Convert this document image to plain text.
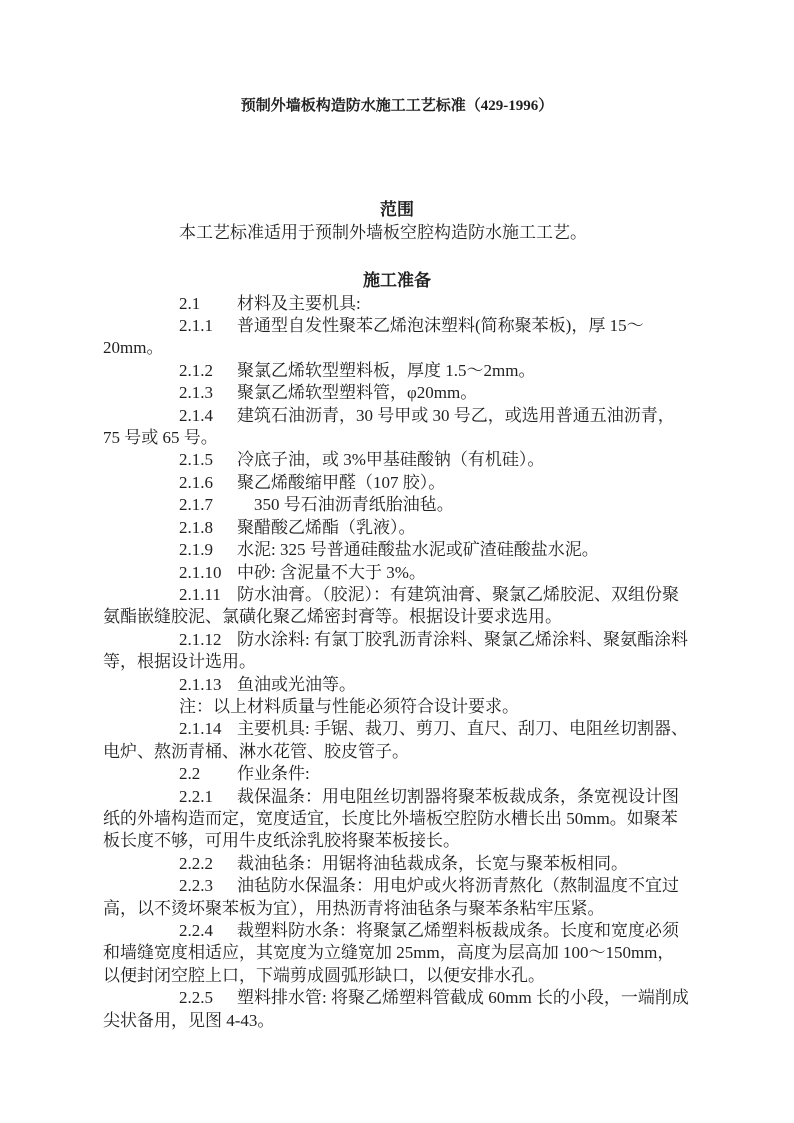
预制外墙板构造防水施工工艺标准（429-1996）
范围

本工艺标准适用于预制外墙板空腔构造防水施工工艺。

施工准备

2.1 材料及主要机具:

2.1.1 普通型自发性聚苯乙烯泡沫塑料(简称聚苯板)，厚 15～20mm。

2.1.2 聚氯乙烯软型塑料板，厚度 1.5～2mm。

2.1.3 聚氯乙烯软型塑料管，φ20mm。

2.1.4 建筑石油沥青，30 号甲或 30 号乙，或选用普通五油沥青，75 号或 65 号。

2.1.5 冷底子油，或 3%甲基硅酸钠（有机硅）。

2.1.6 聚乙烯酸缩甲醛（107 胶）。

2.1.7　350 号石油沥青纸胎油毡。

2.1.8 聚醋酸乙烯酯（乳液）。

2.1.9 水泥: 325 号普通硅酸盐水泥或矿渣硅酸盐水泥。

2.1.10 中砂: 含泥量不大于 3%。

2.1.11 防水油膏。（胶泥）：有建筑油膏、聚氯乙烯胶泥、双组份聚氨酯嵌缝胶泥、氯磺化聚乙烯密封膏等。根据设计要求选用。

2.1.12 防水涂料: 有氯丁胶乳沥青涂料、聚氯乙烯涂料、聚氨酯涂料等，根据设计选用。

2.1.13 鱼油或光油等。

注：以上材料质量与性能必须符合设计要求。

2.1.14 主要机具: 手锯、裁刀、剪刀、直尺、刮刀、电阻丝切割器、电炉、熬沥青桶、淋水花管、胶皮管子。

2.2 作业条件:

2.2.1 裁保温条：用电阻丝切割器将聚苯板裁成条，条宽视设计图纸的外墙构造而定，宽度适宜，长度比外墙板空腔防水槽长出 50mm。如聚苯板长度不够，可用牛皮纸涂乳胶将聚苯板接长。

2.2.2 裁油毡条：用锯将油毡裁成条，长宽与聚苯板相同。

2.2.3 油毡防水保温条：用电炉或火将沥青熬化（熬制温度不宜过高，以不烫坏聚苯板为宜），用热沥青将油毡条与聚苯条粘牢压紧。

2.2.4 裁塑料防水条：将聚氯乙烯塑料板裁成条。长度和宽度必须和墙缝宽度相适应，其宽度为立缝宽加 25mm，高度为层高加 100～150mm，以便封闭空腔上口，下端剪成圆弧形缺口，以便安排水孔。

2.2.5 塑料排水管: 将聚乙烯塑料管截成 60mm 长的小段，一端削成尖状备用，见图 4-43。
